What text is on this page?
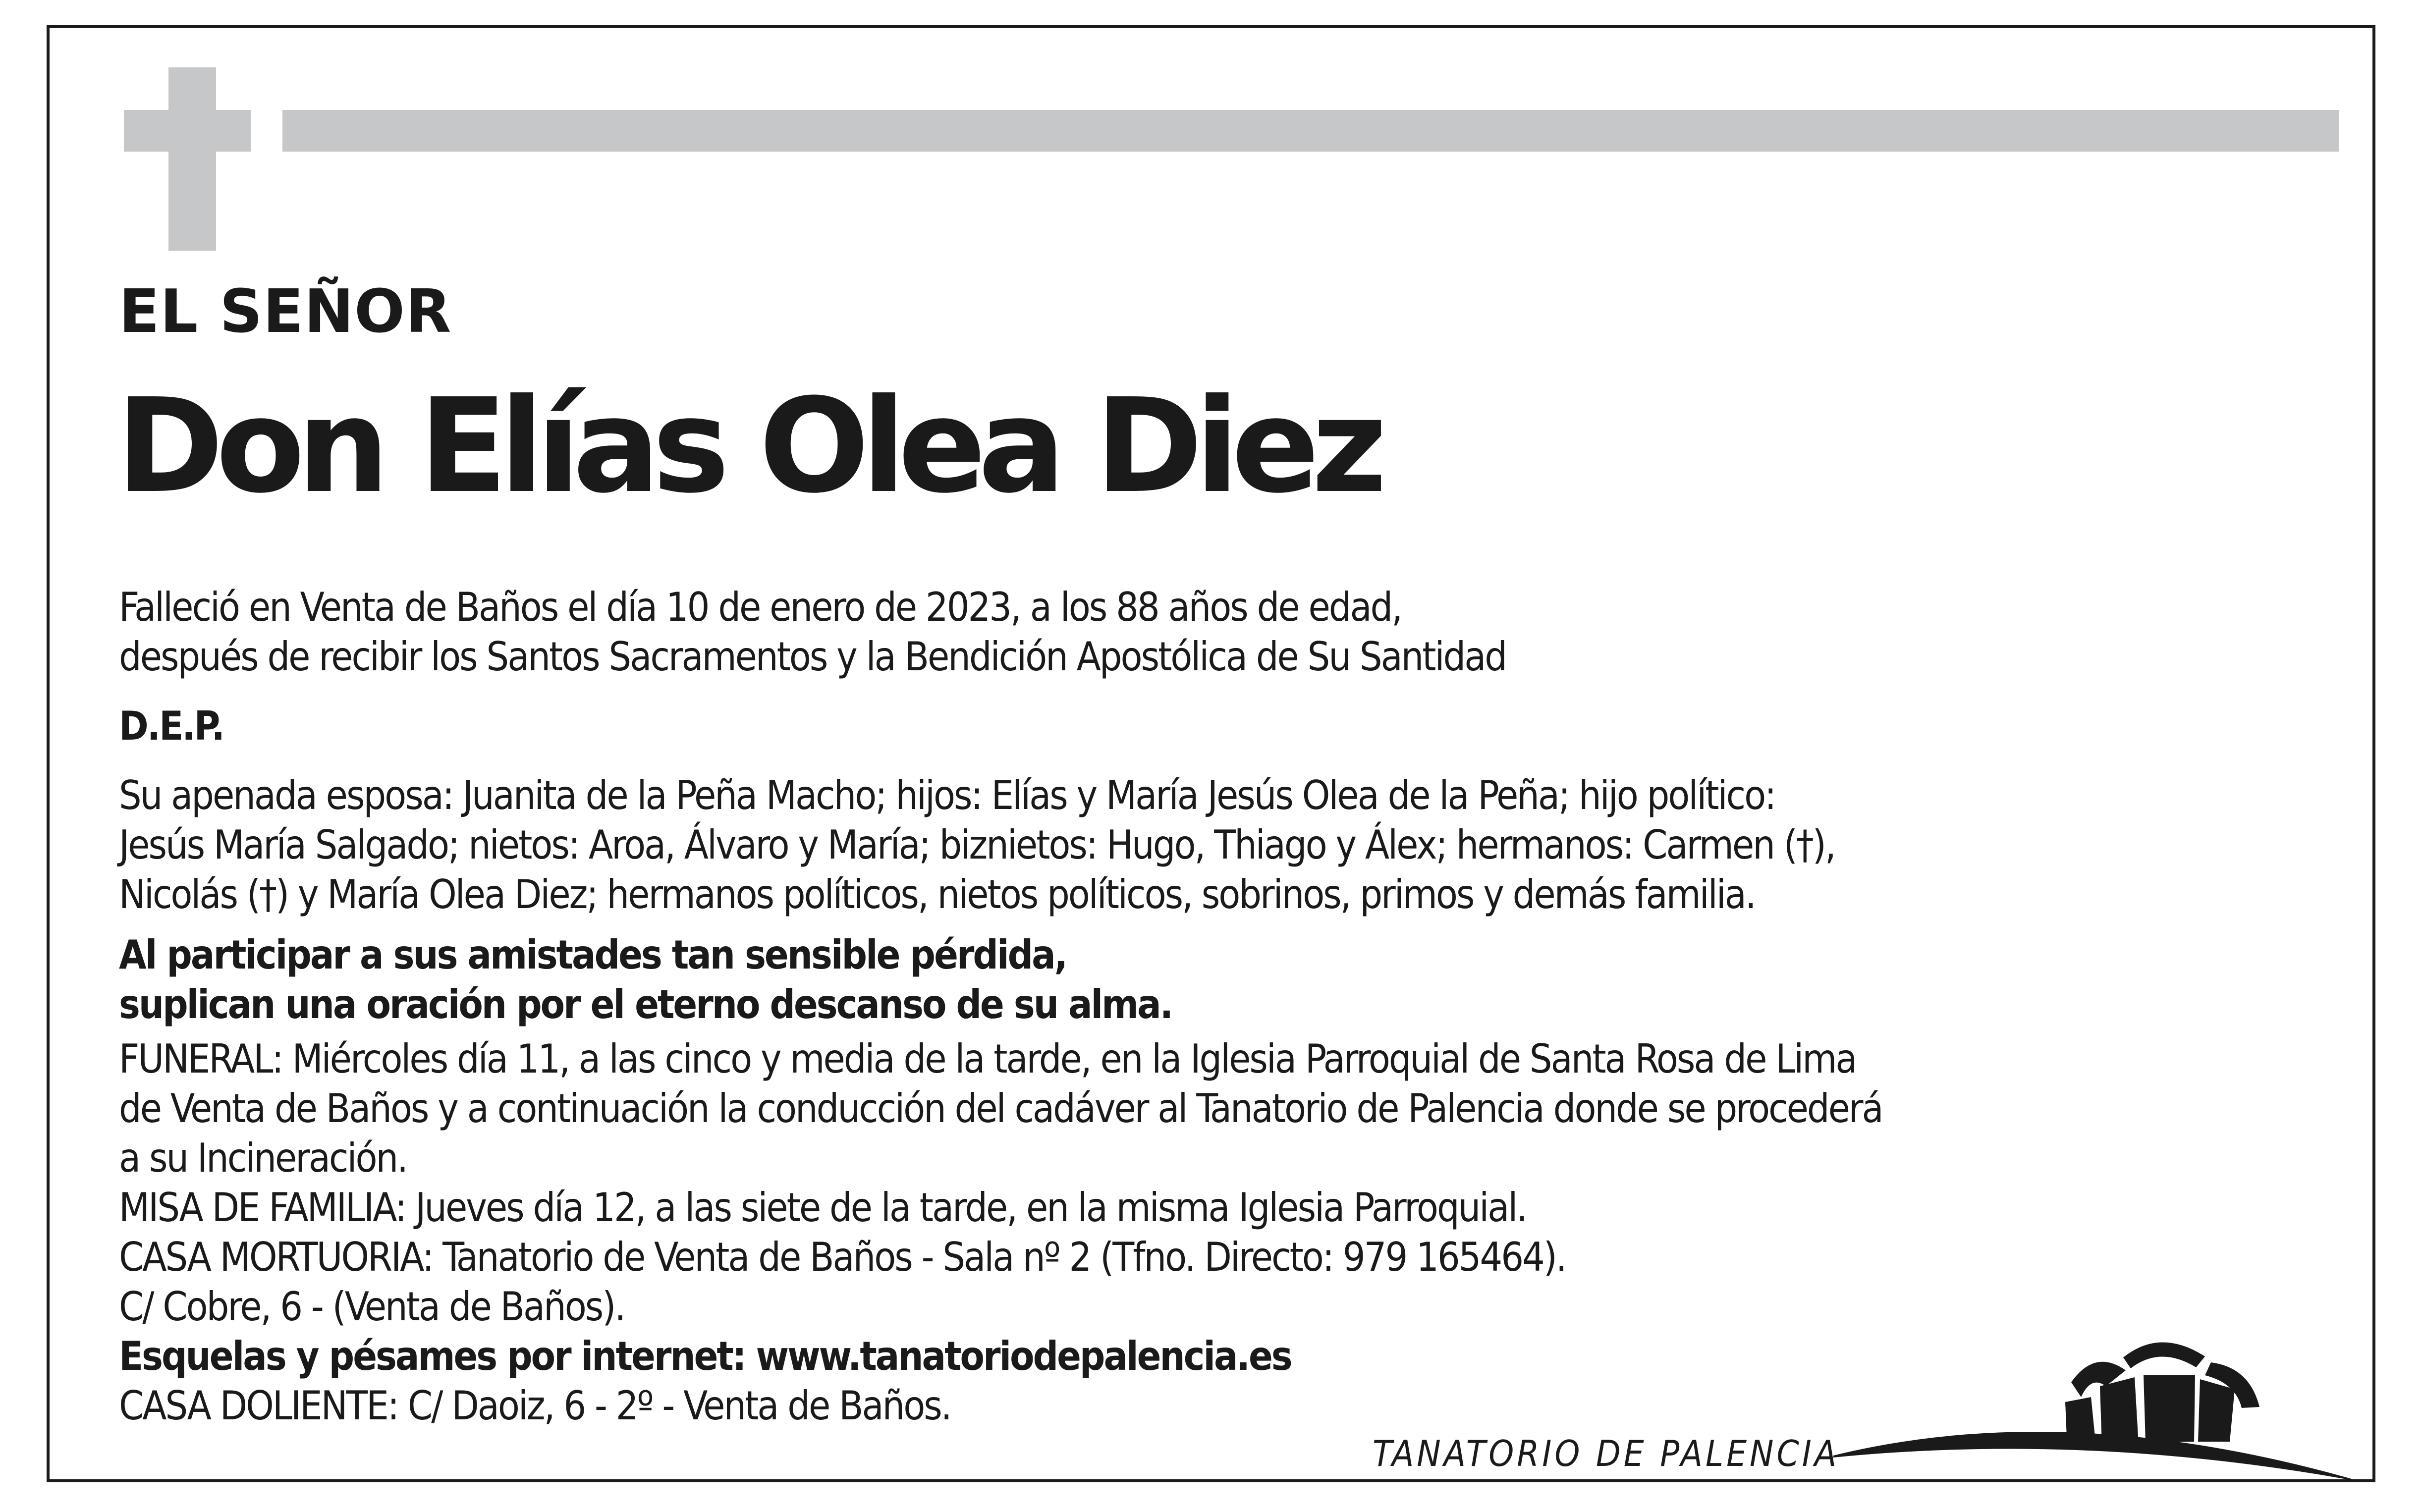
EL SEÑOR
Don Elías Olea Diez
Falleció en Venta de Baños el día 10 de enero de 2023, a los 88 años de edad,
después de recibir los Santos Sacramentos y la Bendición Apostólica de Su Santidad
D.E.P.
Su apenada esposa: Juanita de la Peña Macho; hijos: Elías y María Jesús Olea de la Peña; hijo político:
Jesús María Salgado; nietos: Aroa, Álvaro y María; biznietos: Hugo, Thiago y Álex; hermanos: Carmen (†),
Nicolás (†) y María Olea Diez; hermanos políticos, nietos políticos, sobrinos, primos y demás familia.
Al participar a sus amistades tan sensible pérdida,
suplican una oración por el eterno descanso de su alma.
FUNERAL: Miércoles día 11, a las cinco y media de la tarde, en la Iglesia Parroquial de Santa Rosa de Lima
de Venta de Baños y a continuación la conducción del cadáver al Tanatorio de Palencia donde se procederá
a su Incineración.
MISA DE FAMILIA: Jueves día 12, a las siete de la tarde, en la misma Iglesia Parroquial.
CASA MORTUORIA: Tanatorio de Venta de Baños - Sala nº 2 (Tfno. Directo: 979 165464).
C/ Cobre, 6 - (Venta de Baños).
Esquelas y pésames por internet: www.tanatoriodepalencia.es
CASA DOLIENTE: C/ Daoiz, 6 - 2º - Venta de Baños.
TANATORIO DE PALENCIA
